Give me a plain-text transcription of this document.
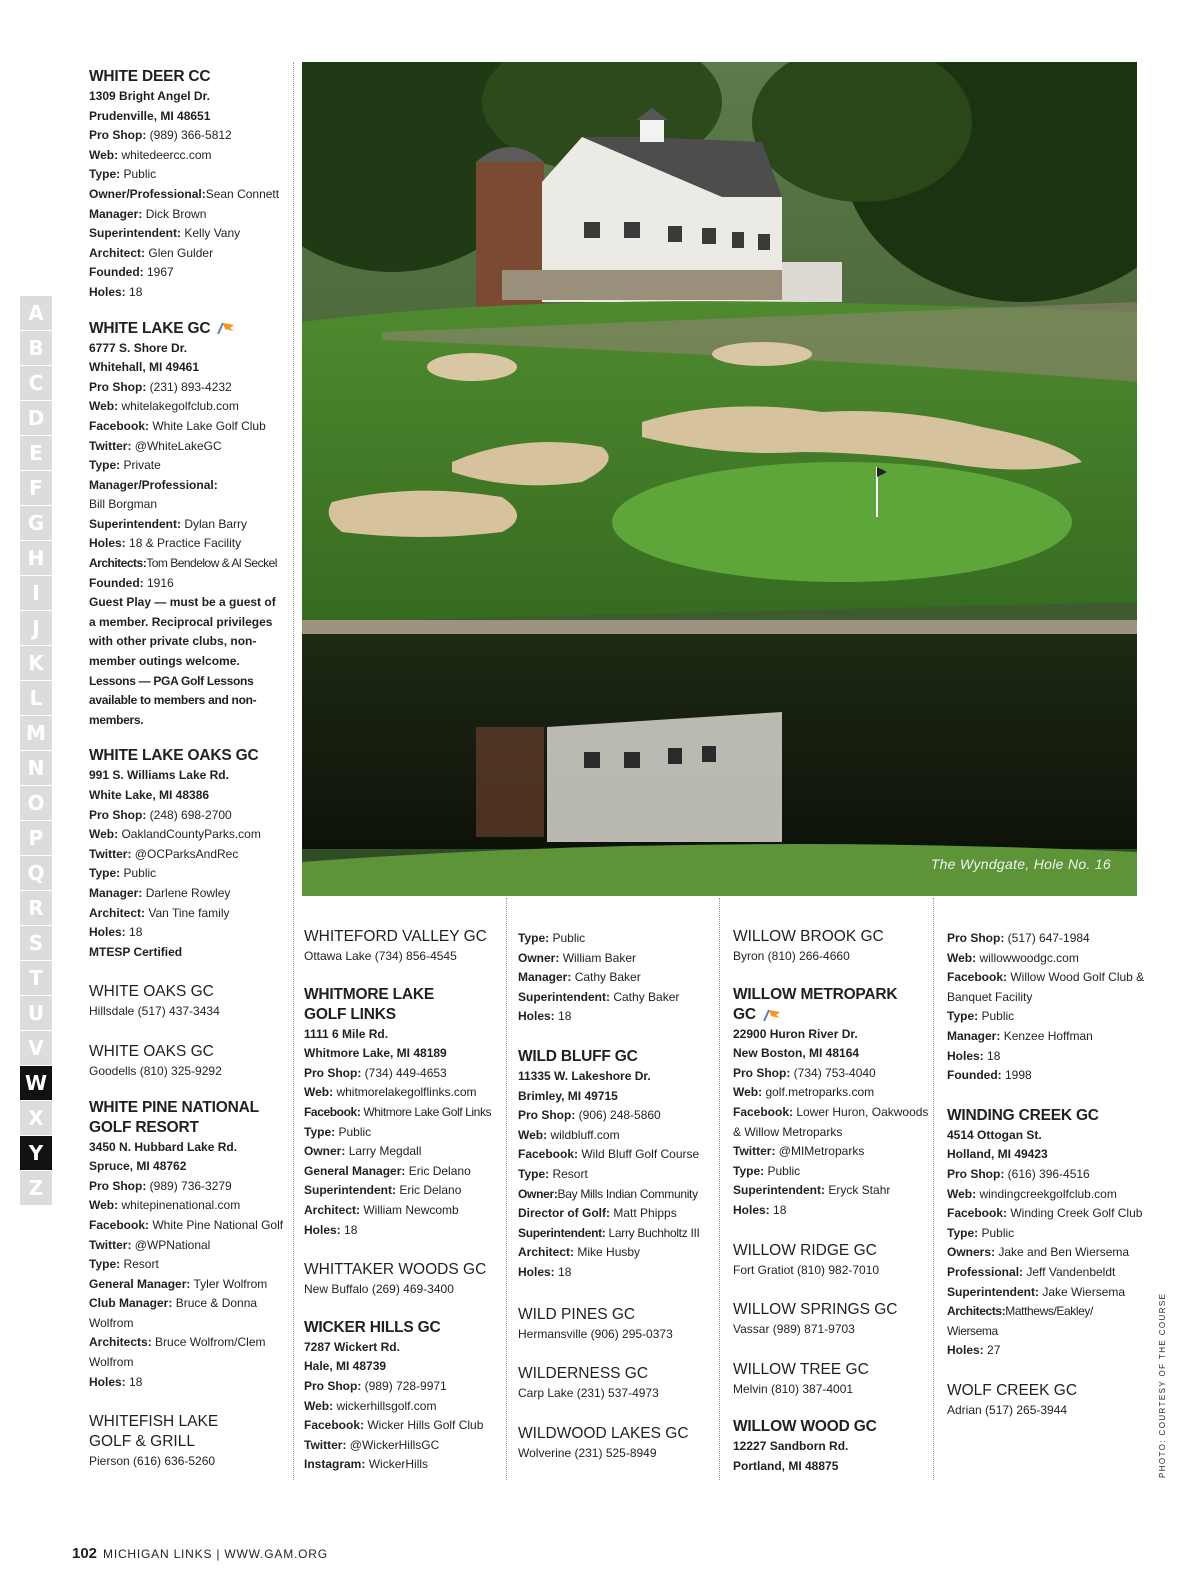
A
B
C
D
E
F
G
H
I
J
K
L
M
N
O
P
Q
R
S
T
U
V
W
X
Y
Z
WHITE DEER CC
1309 Bright Angel Dr.
Prudenville, MI 48651
Pro Shop: (989) 366-5812
Web: whitedeercc.com
Type: Public
Owner/Professional:Sean Connett
Manager: Dick Brown
Superintendent: Kelly Vany
Architect: Glen Gulder
Founded: 1967
Holes: 18
WHITE LAKE GC
6777 S. Shore Dr.
Whitehall, MI 49461
Pro Shop: (231) 893-4232
Web: whitelakegolfclub.com
Facebook: White Lake Golf Club
Twitter: @WhiteLakeGC
Type: Private
Manager/Professional:
Bill Borgman
Superintendent: Dylan Barry
Holes: 18 & Practice Facility
Architects:Tom Bendelow & Al Seckel
Founded: 1916
Guest Play — must be a guest of a member. Reciprocal privileges with other private clubs, non-member outings welcome.
Lessons — PGA Golf Lessons available to members and non-members.
WHITE LAKE OAKS GC
991 S. Williams Lake Rd.
White Lake, MI 48386
Pro Shop: (248) 698-2700
Web: OaklandCountyParks.com
Twitter: @OCParksAndRec
Type: Public
Manager: Darlene Rowley
Architect: Van Tine family
Holes: 18
MTESP Certified
WHITE OAKS GC
Hillsdale (517) 437-3434
WHITE OAKS GC
Goodells (810) 325-9292
WHITE PINE NATIONAL GOLF RESORT
3450 N. Hubbard Lake Rd.
Spruce, MI 48762
Pro Shop: (989) 736-3279
Web: whitepinenational.com
Facebook: White Pine National Golf
Twitter: @WPNational
Type: Resort
General Manager: Tyler Wolfrom
Club Manager: Bruce & Donna Wolfrom
Architects: Bruce Wolfrom/Clem Wolfrom
Holes: 18
WHITEFISH LAKE GOLF & GRILL
Pierson (616) 636-5260
The Wyndgate, Hole No. 16
WHITEFORD VALLEY GC
Ottawa Lake (734) 856-4545
WHITMORE LAKE GOLF LINKS
1111 6 Mile Rd.
Whitmore Lake, MI 48189
Pro Shop: (734) 449-4653
Web: whitmorelakegolflinks.com
Facebook: Whitmore Lake Golf Links
Type: Public
Owner: Larry Megdall
General Manager: Eric Delano
Superintendent: Eric Delano
Architect: William Newcomb
Holes: 18
WHITTAKER WOODS GC
New Buffalo (269) 469-3400
WICKER HILLS GC
7287 Wickert Rd.
Hale, MI 48739
Pro Shop: (989) 728-9971
Web: wickerhillsgolf.com
Facebook: Wicker Hills Golf Club
Twitter: @WickerHillsGC
Instagram: WickerHills
Type: Public
Owner: William Baker
Manager: Cathy Baker
Superintendent: Cathy Baker
Holes: 18
WILD BLUFF GC
11335 W. Lakeshore Dr.
Brimley, MI 49715
Pro Shop: (906) 248-5860
Web: wildbluff.com
Facebook: Wild Bluff Golf Course
Type: Resort
Owner:Bay Mills Indian Community
Director of Golf: Matt Phipps
Superintendent: Larry Buchholtz III
Architect: Mike Husby
Holes: 18
WILD PINES GC
Hermansville (906) 295-0373
WILDERNESS GC
Carp Lake (231) 537-4973
WILDWOOD LAKES GC
Wolverine (231) 525-8949
WILLOW BROOK GC
Byron (810) 266-4660
WILLOW METROPARK GC
22900 Huron River Dr.
New Boston, MI 48164
Pro Shop: (734) 753-4040
Web: golf.metroparks.com
Facebook: Lower Huron, Oakwoods & Willow Metroparks
Twitter: @MIMetroparks
Type: Public
Superintendent: Eryck Stahr
Holes: 18
WILLOW RIDGE GC
Fort Gratiot (810) 982-7010
WILLOW SPRINGS GC
Vassar (989) 871-9703
WILLOW TREE GC
Melvin (810) 387-4001
WILLOW WOOD GC
12227 Sandborn Rd.
Portland, MI 48875
Pro Shop: (517) 647-1984
Web: willowwoodgc.com
Facebook: Willow Wood Golf Club & Banquet Facility
Type: Public
Manager: Kenzee Hoffman
Holes: 18
Founded: 1998
WINDING CREEK GC
4514 Ottogan St.
Holland, MI 49423
Pro Shop: (616) 396-4516
Web: windingcreekgolfclub.com
Facebook: Winding Creek Golf Club
Type: Public
Owners: Jake and Ben Wiersema
Professional: Jeff Vandenbeldt
Superintendent: Jake Wiersema
Architects:Matthews/Eakley/ Wiersema
Holes: 27
WOLF CREEK GC
Adrian (517) 265-3944
102 MICHIGAN LINKS | WWW.GAM.ORG
PHOTO: COURTESY OF THE COURSE
